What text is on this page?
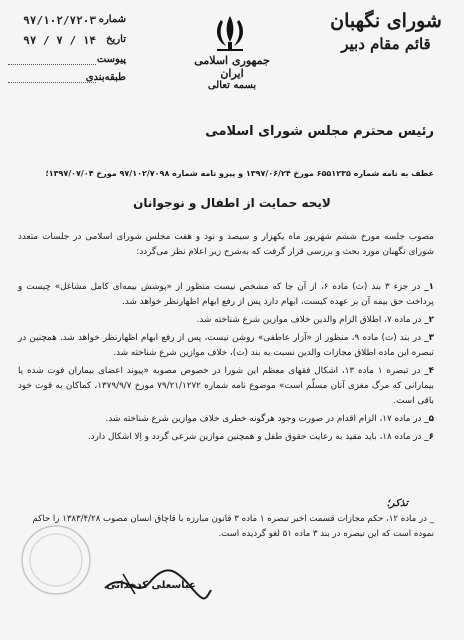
شورای نگهبان
قائم مقام دبیر
جمهوری اسلامی ایران
بسمه تعالی
شماره
۹۷/۱۰۲/۷۲۰۳
تاریخ
۱۴ / ۷ / ۹۷
پیوست
طبقه‌بندی
رئیس محترم مجلس شورای اسلامی
عطف به نامه شماره ۶۵۵۱۲۳۵ مورخ ۱۳۹۷/۰۶/۲۴ و پیرو نامه شماره ۹۷/۱۰۲/۷۰۹۸ مورخ ۱۳۹۷/۰۷/۰۴؛
لایحه حمایت از اطفال و نوجوانان

مصوب جلسه مورخ ششم شهریور ماه یکهزار و سیصد و نود و هفت مجلس شورای اسلامی در جلسات متعدد شورای نگهبان مورد بحث و بررسی قرار گرفت که به‌شرح زیر اعلام نظر می‌گردد:

۱_ در جزء ۳ بند (ث) ماده ۶، از آن جا که مشخص نیست منظور از «پوشش بیمه‌ای کامل مشاغل» چیست و پرداخت حق بیمه آن بر عهده کیست، ابهام دارد پس از رفع ابهام اظهارنظر خواهد شد.

۲_ در ماده ۷، اطلاق الزام والدین خلاف موازین شرع شناخته شد.

۳_ در بند (ت) ماده ۹، منظور از «آزار عاطفی» روشن نیست، پس از رفع ابهام اظهارنظر خواهد شد. همچنین در تبصره این ماده اطلاق مجازات والدین نسبت به بند (ت)، خلاف موازین شرع شناخته شد.

۴_ در تبصره ۱ ماده ۱۳، اشکال فقهای معظم این شورا در خصوص مصوبه «پیوند اعضای بیماران فوت شده یا بیمارانی که مرگ مغزی آنان مسلّم است» موضوع نامه شماره ۷۹/۲۱/۱۲۷۲ مورخ ۱۳۷۹/۹/۷، کماکان به قوت خود باقی است.

۵_ در ماده ۱۷، الزام اقدام در صورت وجود هرگونه خطری خلاف موازین شرع شناخته شد.

۶_ در ماده ۱۸، باید مقید به رعایت حقوق طفل و همچنین موازین شرعی گردد و اِلا اشکال دارد.

تذکر؛
_ در ماده ۱۲، حکم مجازات قسمت اخیر تبصره ۱ ماده ۳ قانون مبارزه با قاچاق انسان مصوب ۱۳۸۳/۴/۲۸ را حاکم نموده است که این تبصره در بند ۳ ماده ۵۱ لغو گردیده است.
عباسعلی کدخدائی
